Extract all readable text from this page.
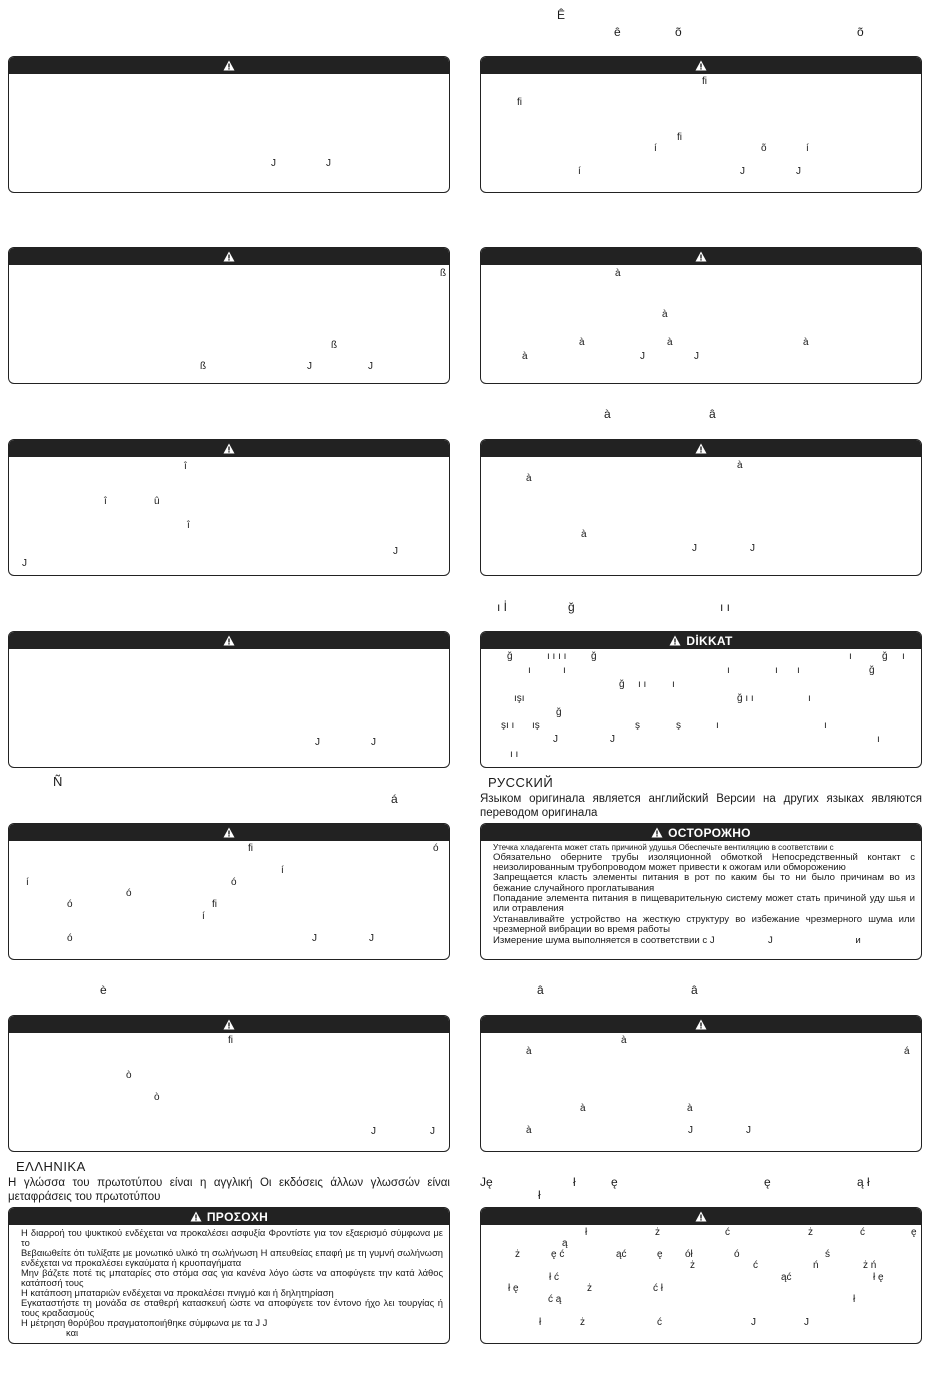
Ê
ê	õ	õ
J	J
ß
ß
ß	J	J
î
î	û
î
J
J
J	J
Ñ
á
fi	ó
í
í	ó
ó
ó	fi
í
ó	J	J
è
fi
ò
ò
J	J
ΕΛΛΗΝΙΚΑ
Η γλώσσα του πρωτοτύπου είναι η αγγλική Οι εκδόσεις άλλων γλωσσών είναι μεταφράσεις του πρωτοτύπου
ΠΡΟΣΟΧΗ
Η διαρροή του ψυκτικού ενδέχεται να προκαλέσει ασφυξία Φροντίστε για τον εξαερισμό σύμφωνα με το
Βεβαιωθείτε ότι τυλίξατε με μονωτικό υλικό τη σωλήνωση Η απευθείας επαφή με τη γυμνή σωλήνωση ενδέχεται να προκαλέσει εγκαύματα ή κρυοπαγήματα
Μην βάζετε ποτέ τις μπαταρίες στο στόμα σας για κανένα λόγο ώστε να αποφύγετε την κατά λάθος κατάποσή τους
Η κατάποση μπαταριών ενδέχεται να προκαλέσει πνιγμό και ή δηλητηρίαση
Εγκαταστήστε τη μονάδα σε σταθερή κατασκευή ώστε να αποφύγετε τον έντονο ήχο λει τουργίας ή τους κραδασμούς
Η μέτρηση θορύβου πραγματοποιήθηκε σύμφωνα με τα J J
και
fi
fi
fi
í	õ	í
í	J	J
à
à
à	à	à
à	J	J
à	â
à
à
à
J	J
ı İ	ğ	ı ı
DİKKAT
ğ	ı ı ı ı ğ	ı	ğ ı
ı	ı	ı	ı ı	ğ
ğ ı ı	ı
ışı	ğ ı ı	ı
ğ
şı ı ış	ş	ş	ı	ı
J	J	ı
ı ı
РУССКИЙ
Языком оригинала является английский Версии на других языках являются переводом оригинала
ОСТОРОЖНО
Утечка хладагента может стать причиной удушья Обеспечьте вентиляцию в соответствии с
Обязательно оберните трубы изоляционной обмоткой Непосредственный контакт с неизолированным трубопроводом может привести к ожогам или обморожению
Запрещается класть элементы питания в рот по каким бы то ни было причинам во из бежание случайного проглатывания
Попадание элемента питания в пищеварительную систему может стать причиной уду шья и или отравления
Устанавливайте устройство на жесткую структуру во избежание чрезмерного шума или чрезмерной вибрации во время работы
Измерение шума выполняется в соответствии с J                    J                               и
â	â
à
à	á
à	à
à	J	J
Ję	ł	ę	ę	ą ł
ł
ł	ż	ć	ż	ć	ę
ą
ż	ę ć	ąć	ę ół	ó	ś
ż	ć	ń	ż ń
ł ć	ąć	ł ę
ł ę	ż	ć ł
ł
ć ą
ł	ż	ć	J	J
